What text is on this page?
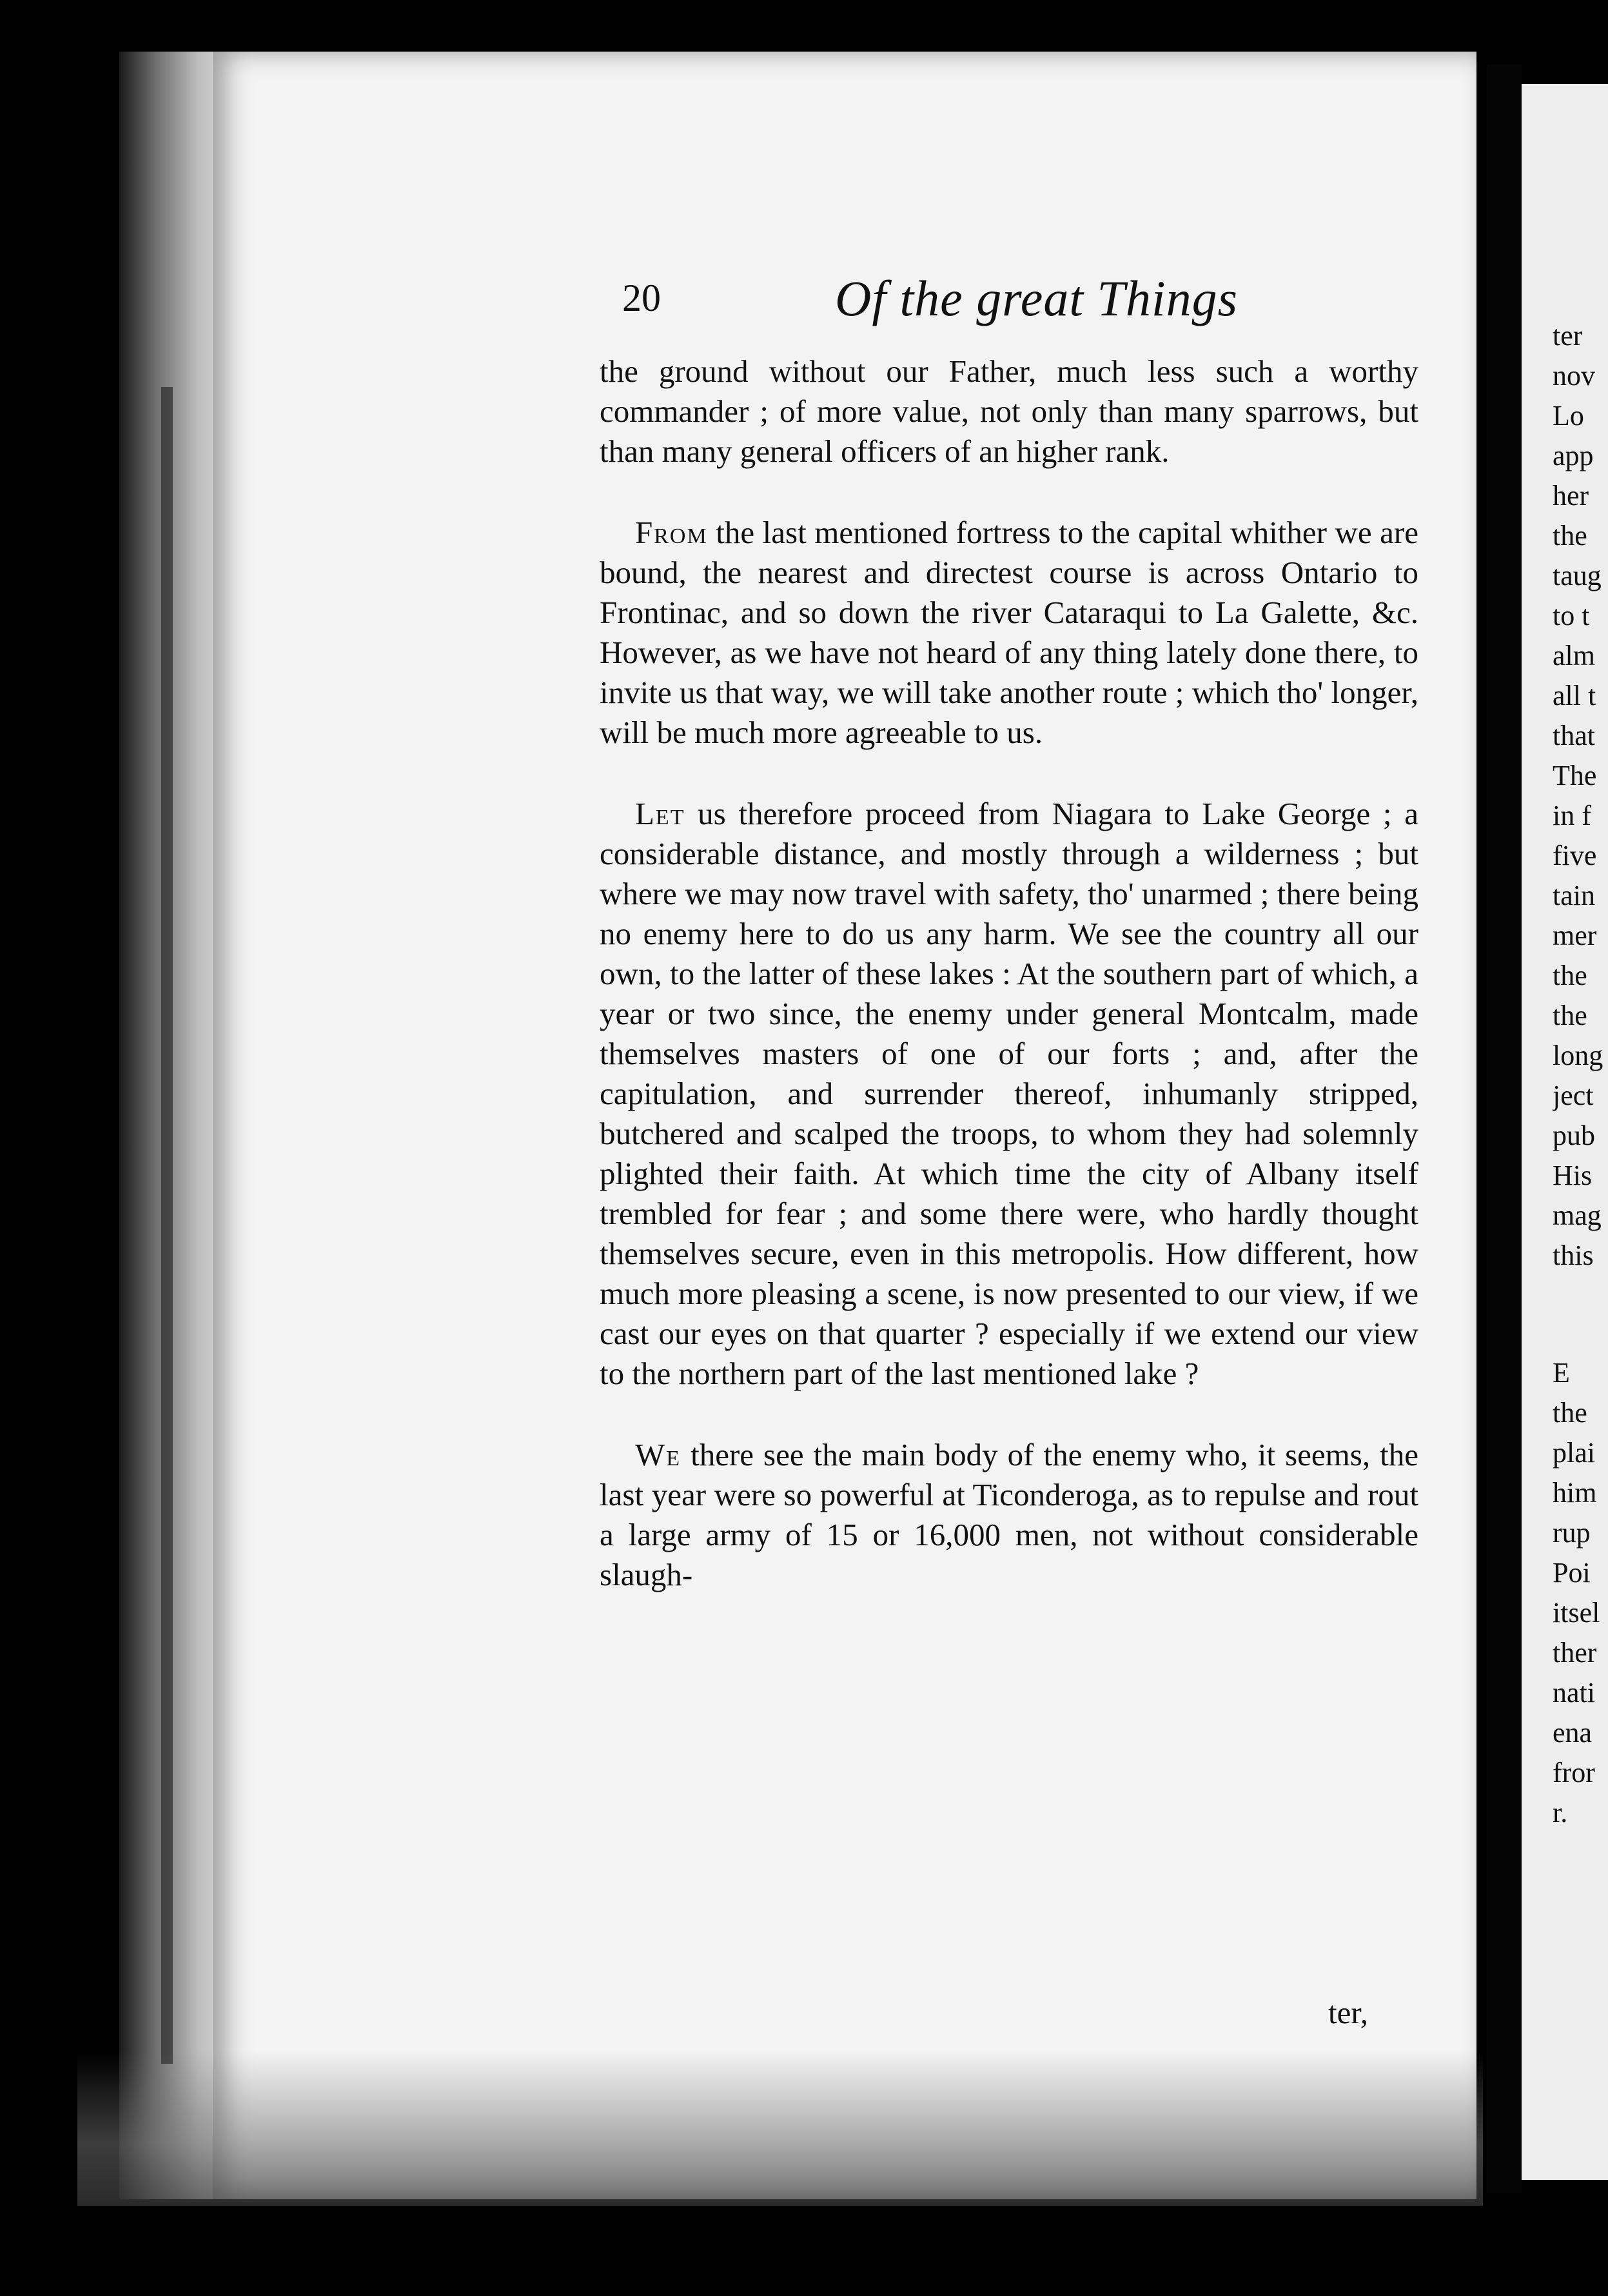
20	Of the great Things

the ground without our Father, much less such a worthy commander ; of more value, not only than many sparrows, but than many general officers of an higher rank.

From the last mentioned fortress to the capital whither we are bound, the nearest and directest course is across Ontario to Frontinac, and so down the river Cataraqui to La Galette, &c. However, as we have not heard of any thing lately done there, to invite us that way, we will take another route ; which tho' longer, will be much more agreeable to us.

Let us therefore proceed from Niagara to Lake George ; a considerable distance, and mostly through a wilderness ; but where we may now travel with safety, tho' unarmed ; there being no enemy here to do us any harm. We see the country all our own, to the latter of these lakes : At the southern part of which, a year or two since, the enemy under general Montcalm, made themselves masters of one of our forts ; and, after the capitulation, and surrender thereof, inhumanly stripped, butchered and scalped the troops, to whom they had solemnly plighted their faith. At which time the city of Albany itself trembled for fear ; and some there were, who hardly thought themselves secure, even in this metropolis. How different, how much more pleasing a scene, is now presented to our view, if we cast our eyes on that quarter ? especially if we extend our view to the northern part of the last mentioned lake ?

We there see the main body of the enemy who, it seems, the last year were so powerful at Ticonderoga, as to repulse and rout a large army of 15 or 16,000 men, not without considerable slaugh-

ter,
ter
nov
Lo
app
her
the
taug
to t
alm
all t
that
The
in f
five
tain
mer
the
the
long
ject
pub
His
mag
this
E
the
plai
him
rup
Poi
itsel
ther
nati
ena
fror
r.
